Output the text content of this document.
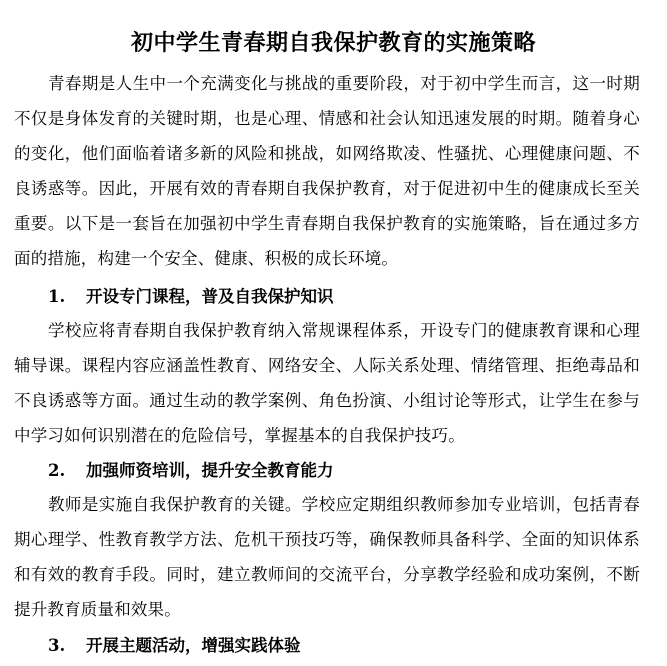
初中学生青春期自我保护教育的实施策略

青春期是人生中一个充满变化与挑战的重要阶段，对于初中学生而言，这一时期不仅是身体发育的关键时期，也是心理、情感和社会认知迅速发展的时期。随着身心的变化，他们面临着诸多新的风险和挑战，如网络欺凌、性骚扰、心理健康问题、不良诱惑等。因此，开展有效的青春期自我保护教育，对于促进初中生的健康成长至关重要。以下是一套旨在加强初中学生青春期自我保护教育的实施策略，旨在通过多方面的措施，构建一个安全、健康、积极的成长环境。

1. 开设专门课程，普及自我保护知识

学校应将青春期自我保护教育纳入常规课程体系，开设专门的健康教育课和心理辅导课。课程内容应涵盖性教育、网络安全、人际关系处理、情绪管理、拒绝毒品和不良诱惑等方面。通过生动的教学案例、角色扮演、小组讨论等形式，让学生在参与中学习如何识别潜在的危险信号，掌握基本的自我保护技巧。

2. 加强师资培训，提升安全教育能力

教师是实施自我保护教育的关键。学校应定期组织教师参加专业培训，包括青春期心理学、性教育教学方法、危机干预技巧等，确保教师具备科学、全面的知识体系和有效的教育手段。同时，建立教师间的交流平台，分享教学经验和成功案例，不断提升教育质量和效果。

3. 开展主题活动，增强实践体验
